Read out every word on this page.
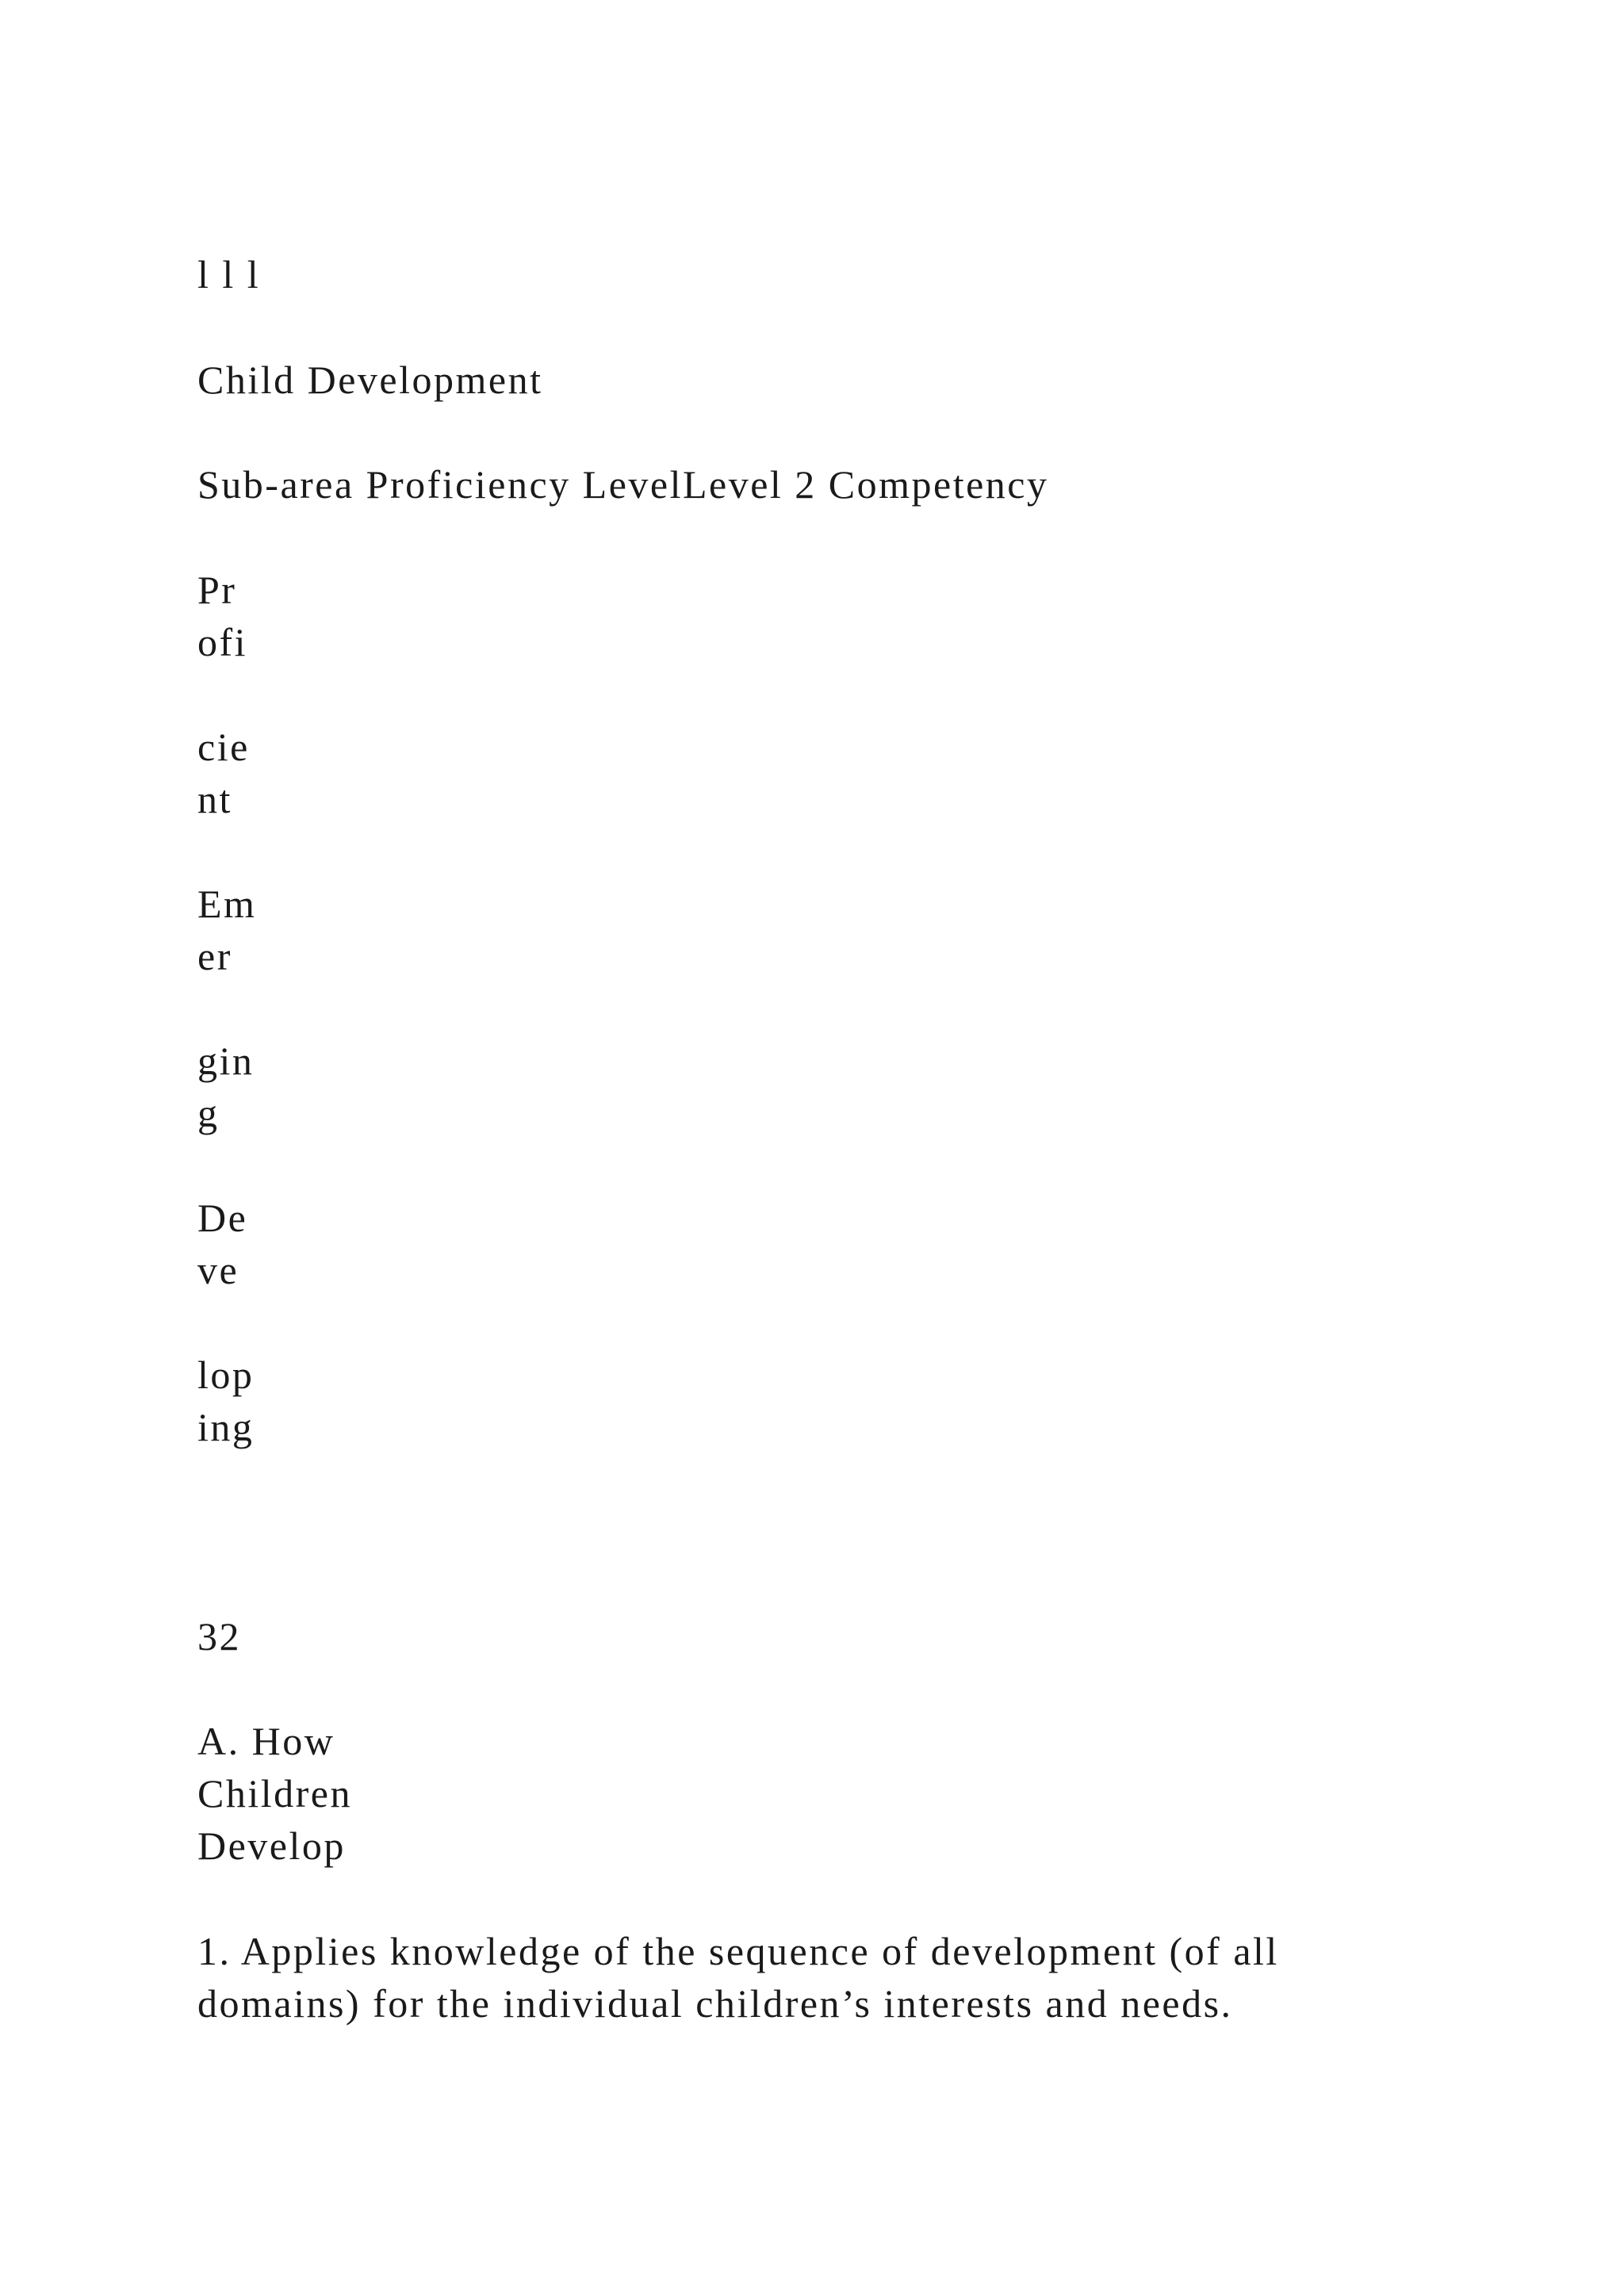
l l l

Child Development

Sub-area Proficiency LevelLevel 2 Competency

Pr
ofi
cie
nt
Em
er
gin
g
De
ve
lop
ing

32

A. How
Children
Develop
1. Applies knowledge of the sequence of development (of all
domains) for the individual children’s interests and needs.
